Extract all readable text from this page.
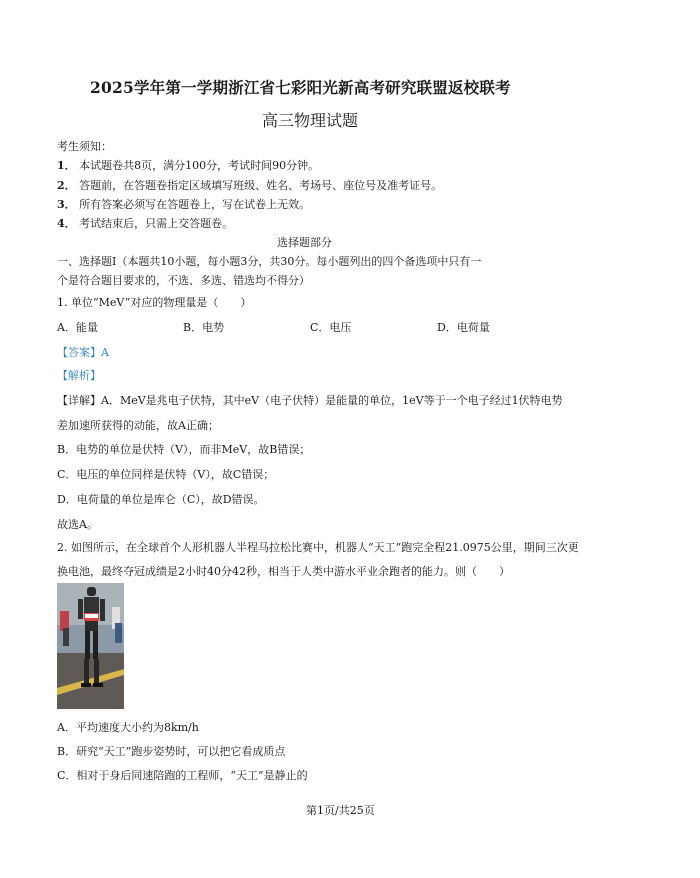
2025学年第一学期浙江省七彩阳光新高考研究联盟返校联考
高三物理试题
考生须知：
1． 本试题卷共8页，满分100分，考试时间90分钟。
2． 答题前，在答题卷指定区域填写班级、姓名、考场号、座位号及准考证号。
3． 所有答案必须写在答题卷上，写在试卷上无效。
4． 考试结束后，只需上交答题卷。
选择题部分
一、选择题Ⅰ（本题共10小题，每小题3分，共30分。每小题列出的四个备选项中只有一
个是符合题目要求的，不选、多选、错选均不得分）
1. 单位“MeV”对应的物理量是（　　）
A．能量	B．电势	C．电压	D．电荷量
【答案】A
【解析】
【详解】A．MeV是兆电子伏特，其中eV（电子伏特）是能量的单位，1eV等于一个电子经过1伏特电势
差加速所获得的动能，故A正确；
B．电势的单位是伏特（V），而非MeV，故B错误；
C．电压的单位同样是伏特（V），故C错误；
D．电荷量的单位是库仑（C），故D错误。
故选A。
2. 如图所示，在全球首个人形机器人半程马拉松比赛中，机器人“天工”跑完全程21.0975公里，期间三次更
换电池，最终夺冠成绩是2小时40分42秒，相当于人类中游水平业余跑者的能力。则（　　）
A．平均速度大小约为8km/h
B．研究“天工”跑步姿势时，可以把它看成质点
C．相对于身后同速陪跑的工程师，“天工”是静止的
第1页/共25页
